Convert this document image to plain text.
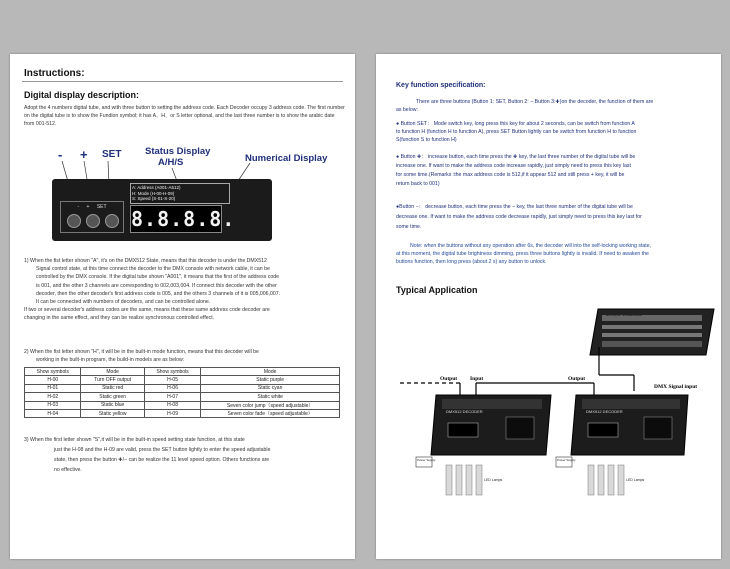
Instructions:
Digital display description:
Adopt the 4 numbers digital tube, and with three button to setting the address code. Each Decoder occupy 3 address code. The first number on the digital tube is to show the Fundion symbol; it has A、H、or S letter optional, and the last three number is to show the arabic date from 001-512.
- + SET Status Display
A/H/S	Numerical Display
- + SET
A: Address (A001-A512)
H: Mode (H-00-H-09)
S: Speed (S-01-S-20)
8.8.8.8.
1) When the fist letter shown "A", it's on the DMX512 State, means that this decoder is under the DMX512
Signal control state, at this time connect the decoder to the DMX console with network cable, it can be
controlled by the DMX console. If the digital tube shown "A001", it means that the first of the address code
is 001, and the other 3 channels are corresponding to 002,003,004. If connect this decoder with the other
decoder, then the other decoder's first address code is 005, and the others 3 channels of it is 005,006,007.
It can be connected with numbers of decoders, and can be controlled alone.
If two or several decoder's address codes are the same, means that these same address code decoder are
changing in the same effect, and they can be realize synchronous controlled effect.
2) When the fist letter shown "H", it will be in the built-in mode function, means that this decoder will be
working in the built-in program, the build-in models are as below:
Show symbols	Mode	Show symbols	Mode
H-00	Turn OFF output	H-05	Static purple
H-01	Static red	H-06	Static cyan
H-02	Static green	H-07	Static white
H-03	Static blue	H-08	Seven color jump（speed adjustable）
H-04	Static yellow	H-09	Seven color fade（speed adjustable）
3) When the first letter shown "S",it will be in the built-in speed setting state function, at this state
just the H-08 and the H-09 are valid, press the SET button lightly to enter the speed adjustable
state, then press the button ✚/− can be realize the 11 level speed option. Others functions are
no effective.
Key function specification:
There are three buttons (Button 1: SET, Button 2: − Button 3:✚)on the decoder, the function of them are
as below:
● Button SET： Mode switch key, long press this key for about 2 seconds, can be switch from function A
to function H (function H to function A), press SET Button lightly can be switch from function H to function
S(function S to function H)
● Button ✚： increase button, each time press the ✚ key, the last three number of the digital tube will be
increase one. If want to make the address code increase rapidly, just simply need to press this key last
for some time.(Remarks :the max address code is 512,if it appear 512 and still press + key, it will be
return back to 001)
●Button −： decrease button, each time press the − key, the last three number of the digital tube will be
decrease one. If want to make the address code decrease rapidly, just simply need to press this key last for
some time.
Note: when the buttons without any operation after 6s, the decoder will into the self-locking working state,
at this moment, the digital tube brightness dimming, press three buttons lightly is invalid. If need to awaken the
buttons function, then long press (about 2 s) any button to unlock.
Typical Application
DMX Console
Output Input	Output
DMX Signal input
DMX512 DECODER	DMX512 DECODER
Power Supply	Power Supply
LED Lamps	LED Lamps
